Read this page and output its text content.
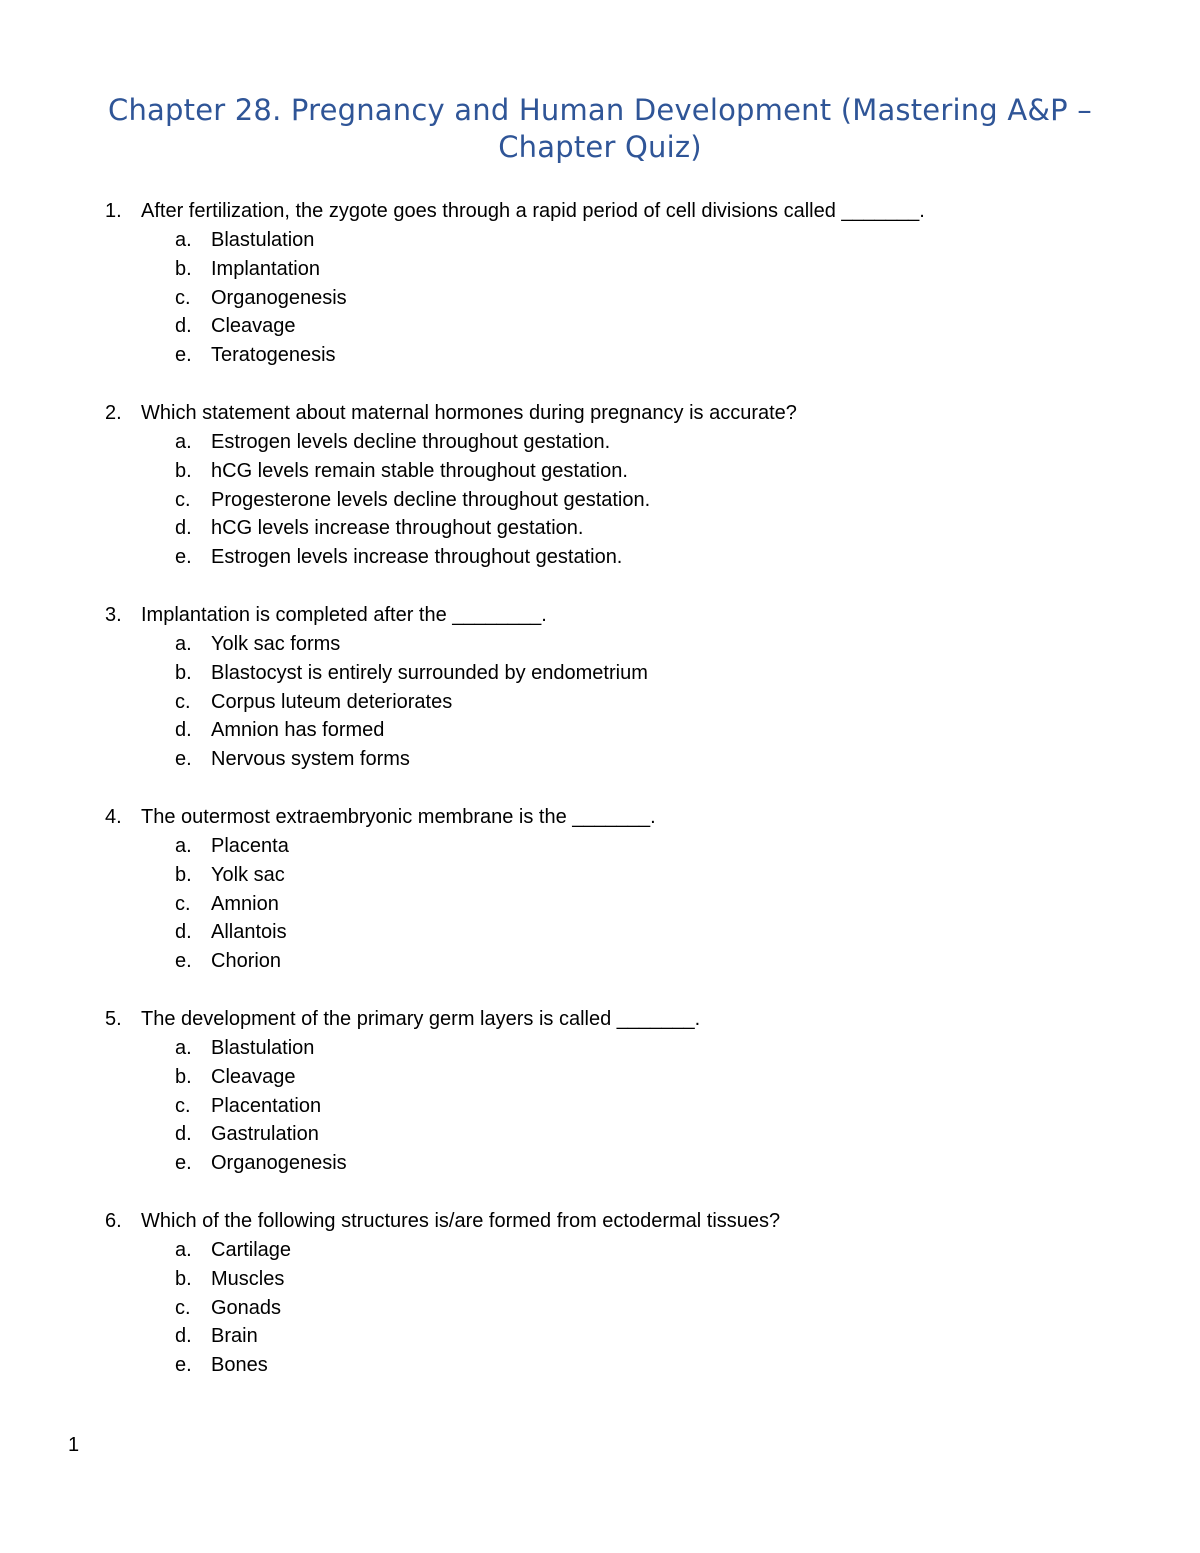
Chapter 28. Pregnancy and Human Development (Mastering A&P –
Chapter Quiz)
1. After fertilization, the zygote goes through a rapid period of cell divisions called _______.
a. Blastulation
b. Implantation
c. Organogenesis
d. Cleavage
e. Teratogenesis
2. Which statement about maternal hormones during pregnancy is accurate?
a. Estrogen levels decline throughout gestation.
b. hCG levels remain stable throughout gestation.
c. Progesterone levels decline throughout gestation.
d. hCG levels increase throughout gestation.
e. Estrogen levels increase throughout gestation.
3. Implantation is completed after the ________.
a. Yolk sac forms
b. Blastocyst is entirely surrounded by endometrium
c. Corpus luteum deteriorates
d. Amnion has formed
e. Nervous system forms
4. The outermost extraembryonic membrane is the _______.
a. Placenta
b. Yolk sac
c. Amnion
d. Allantois
e. Chorion
5. The development of the primary germ layers is called _______.
a. Blastulation
b. Cleavage
c. Placentation
d. Gastrulation
e. Organogenesis
6. Which of the following structures is/are formed from ectodermal tissues?
a. Cartilage
b. Muscles
c. Gonads
d. Brain
e. Bones
1
